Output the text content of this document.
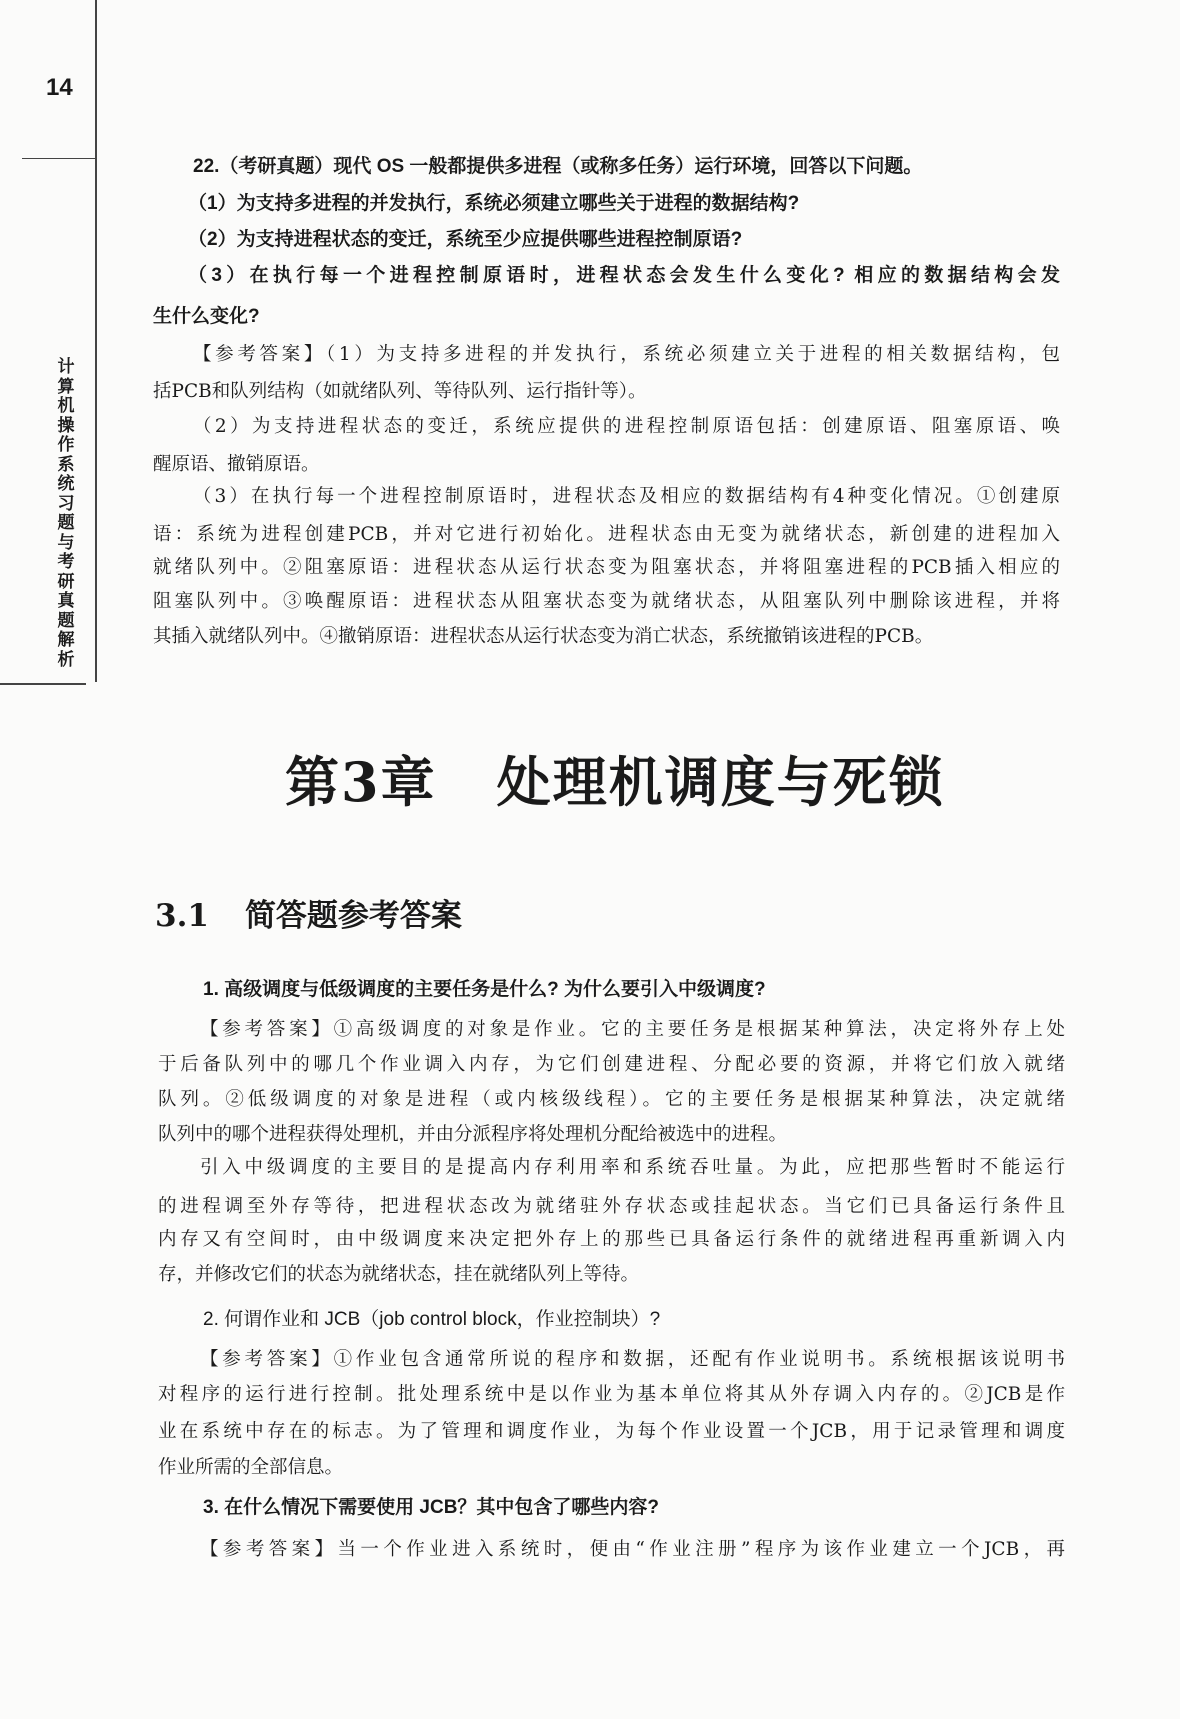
14
计算机操作系统习题与考研真题解析
22.（考研真题）现代 OS 一般都提供多进程（或称多任务）运行环境，回答以下问题。
（1）为支持多进程的并发执行，系统必须建立哪些关于进程的数据结构?
（2）为支持进程状态的变迁，系统至少应提供哪些进程控制原语?
（3）在执行每一个进程控制原语时，进程状态会发生什么变化? 相应的数据结构会发
生什么变化?
【参考答案】（1）为支持多进程的并发执行，系统必须建立关于进程的相关数据结构，包
括PCB和队列结构（如就绪队列、等待队列、运行指针等）。
（2）为支持进程状态的变迁，系统应提供的进程控制原语包括：创建原语、阻塞原语、唤
醒原语、撤销原语。
（3）在执行每一个进程控制原语时，进程状态及相应的数据结构有4种变化情况。①创建原
语：系统为进程创建PCB，并对它进行初始化。进程状态由无变为就绪状态，新创建的进程加入
就绪队列中。②阻塞原语：进程状态从运行状态变为阻塞状态，并将阻塞进程的PCB插入相应的
阻塞队列中。③唤醒原语：进程状态从阻塞状态变为就绪状态，从阻塞队列中删除该进程，并将
其插入就绪队列中。④撤销原语：进程状态从运行状态变为消亡状态，系统撤销该进程的PCB。
第3章 处理机调度与死锁
3.1 简答题参考答案
1. 高级调度与低级调度的主要任务是什么? 为什么要引入中级调度?
【参考答案】①高级调度的对象是作业。它的主要任务是根据某种算法，决定将外存上处
于后备队列中的哪几个作业调入内存，为它们创建进程、分配必要的资源，并将它们放入就绪
队列。②低级调度的对象是进程（或内核级线程）。它的主要任务是根据某种算法，决定就绪
队列中的哪个进程获得处理机，并由分派程序将处理机分配给被选中的进程。
引入中级调度的主要目的是提高内存利用率和系统吞吐量。为此，应把那些暂时不能运行
的进程调至外存等待，把进程状态改为就绪驻外存状态或挂起状态。当它们已具备运行条件且
内存又有空间时，由中级调度来决定把外存上的那些已具备运行条件的就绪进程再重新调入内
存，并修改它们的状态为就绪状态，挂在就绪队列上等待。
2. 何谓作业和 JCB（job control block，作业控制块）?
【参考答案】①作业包含通常所说的程序和数据，还配有作业说明书。系统根据该说明书
对程序的运行进行控制。批处理系统中是以作业为基本单位将其从外存调入内存的。②JCB是作
业在系统中存在的标志。为了管理和调度作业，为每个作业设置一个JCB，用于记录管理和调度
作业所需的全部信息。
3. 在什么情况下需要使用 JCB？其中包含了哪些内容?
【参考答案】当一个作业进入系统时，便由“作业注册”程序为该作业建立一个JCB，再
